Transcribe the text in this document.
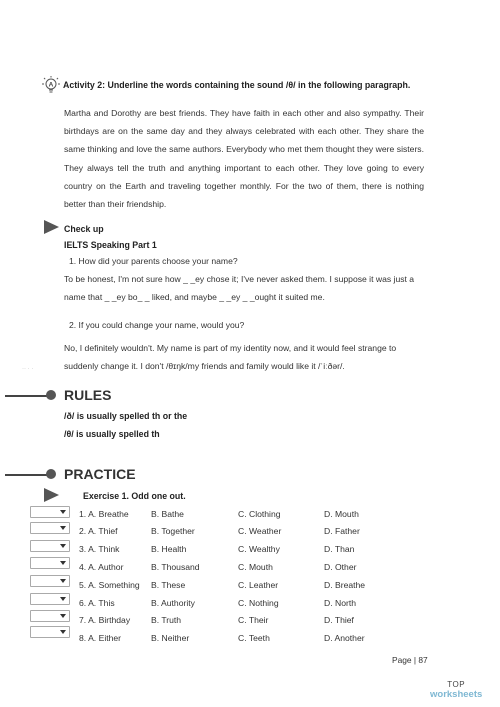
A Activity 2: Underline the words containing the sound /θ/ in the following paragraph.

Martha and Dorothy are best friends. They have faith in each other and also sympathy. Their birthdays are on the same day and they always celebrated with each other. They share the same thinking and love the same authors. Everybody who met them thought they were sisters. They always tell the truth and anything important to each other. They love going to every country on the Earth and traveling together monthly. For the two of them, there is nothing better than their friendship.

Check up
IELTS Speaking Part 1
1. How did your parents choose your name?
To be honest, I'm not sure how _ _ey chose it; I've never asked them. I suppose it was just a
name that _ _ey bo_ _ liked, and maybe _ _ey _ _ought it suited me.
2. If you could change your name, would you?
No, I definitely wouldn't. My name is part of my identity now, and it would feel strange to
suddenly change it. I don't /θɪŋk/my friends and family would like it /ˈiːðər/.
·· · ·
RULES
/ð/ is usually spelled th or the
/θ/ is usually spelled th
PRACTICE
Exercise 1. Odd one out.
1. A. Breathe	B. Bathe	C. Clothing	D. Mouth
2. A. Thief	B. Together	C. Weather	D. Father
3. A. Think	B. Health	C. Wealthy	D. Than
4. A. Author	B. Thousand	C. Mouth	D. Other
5. A. Something B. These	C. Leather	D. Breathe
6. A. This	B. Authority	C. Nothing	D. North
7. A. Birthday B. Truth	C. Their	D. Thief
8. A. Either	B. Neither	C. Teeth	D. Another
Page | 87
TOP
worksheets
